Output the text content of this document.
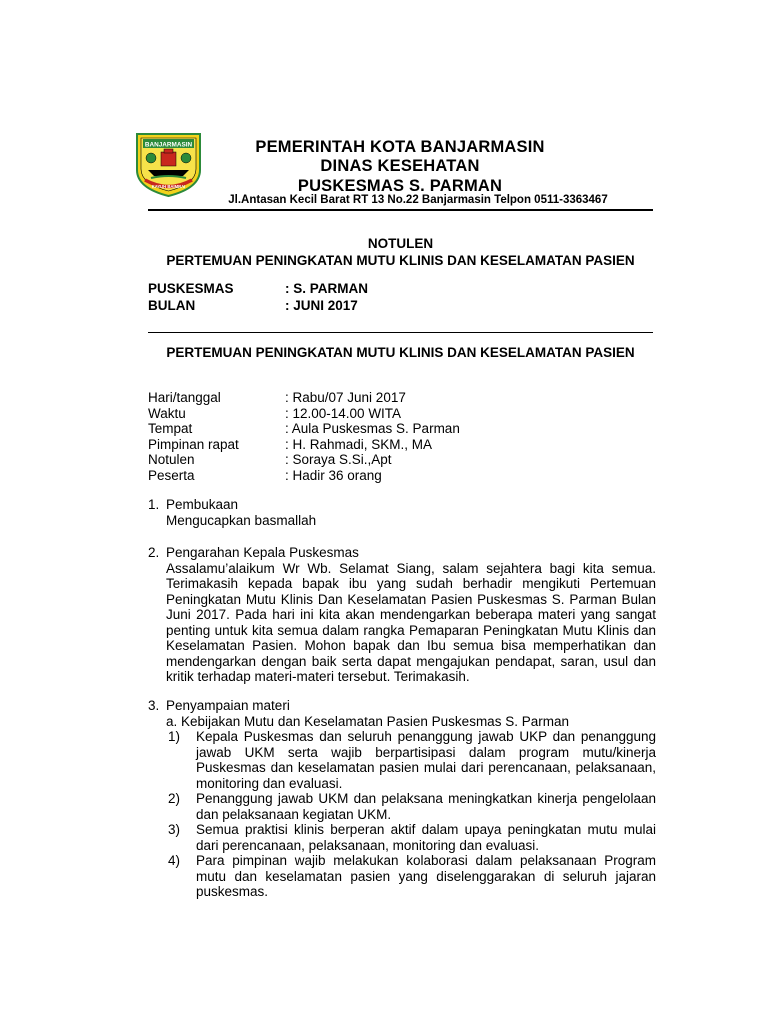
BANJARMASIN
KAYUH BAIMBAI
PEMERINTAH KOTA BANJARMASIN
DINAS KESEHATAN
PUSKESMAS S. PARMAN
Jl.Antasan Kecil Barat RT 13 No.22 Banjarmasin Telpon 0511-3363467
NOTULEN
PERTEMUAN PENINGKATAN MUTU KLINIS DAN KESELAMATAN PASIEN
PUSKESMAS	: S. PARMAN
BULAN	: JUNI 2017
PERTEMUAN PENINGKATAN MUTU KLINIS DAN KESELAMATAN PASIEN
Hari/tanggal	: Rabu/07 Juni 2017
Waktu	: 12.00-14.00 WITA
Tempat	: Aula Puskesmas S. Parman
Pimpinan rapat	: H. Rahmadi, SKM., MA
Notulen	: Soraya S.Si.,Apt
Peserta	: Hadir 36 orang
1. Pembukaan
Mengucapkan basmallah
2. Pengarahan Kepala Puskesmas
Assalamu’alaikum Wr Wb. Selamat Siang, salam sejahtera bagi kita semua. Terimakasih kepada bapak ibu yang sudah berhadir mengikuti Pertemuan Peningkatan Mutu Klinis Dan Keselamatan Pasien Puskesmas S. Parman Bulan Juni 2017. Pada hari ini kita akan mendengarkan beberapa materi yang sangat penting untuk kita semua dalam rangka Pemaparan Peningkatan Mutu Klinis dan Keselamatan Pasien. Mohon bapak dan Ibu semua bisa memperhatikan dan mendengarkan dengan baik serta dapat mengajukan pendapat, saran, usul dan kritik terhadap materi-materi tersebut. Terimakasih.
3. Penyampaian materi
a. Kebijakan Mutu dan Keselamatan Pasien Puskesmas S. Parman
1) Kepala Puskesmas dan seluruh penanggung jawab UKP dan penanggung jawab UKM serta wajib berpartisipasi dalam program mutu/kinerja Puskesmas dan keselamatan pasien mulai dari perencanaan, pelaksanaan, monitoring dan evaluasi.
2) Penanggung jawab UKM dan pelaksana meningkatkan kinerja pengelolaan dan pelaksanaan kegiatan UKM.
3) Semua praktisi klinis berperan aktif dalam upaya peningkatan mutu mulai dari perencanaan, pelaksanaan, monitoring dan evaluasi.
4) Para pimpinan wajib melakukan kolaborasi dalam pelaksanaan Program mutu dan keselamatan pasien yang diselenggarakan di seluruh jajaran puskesmas.
